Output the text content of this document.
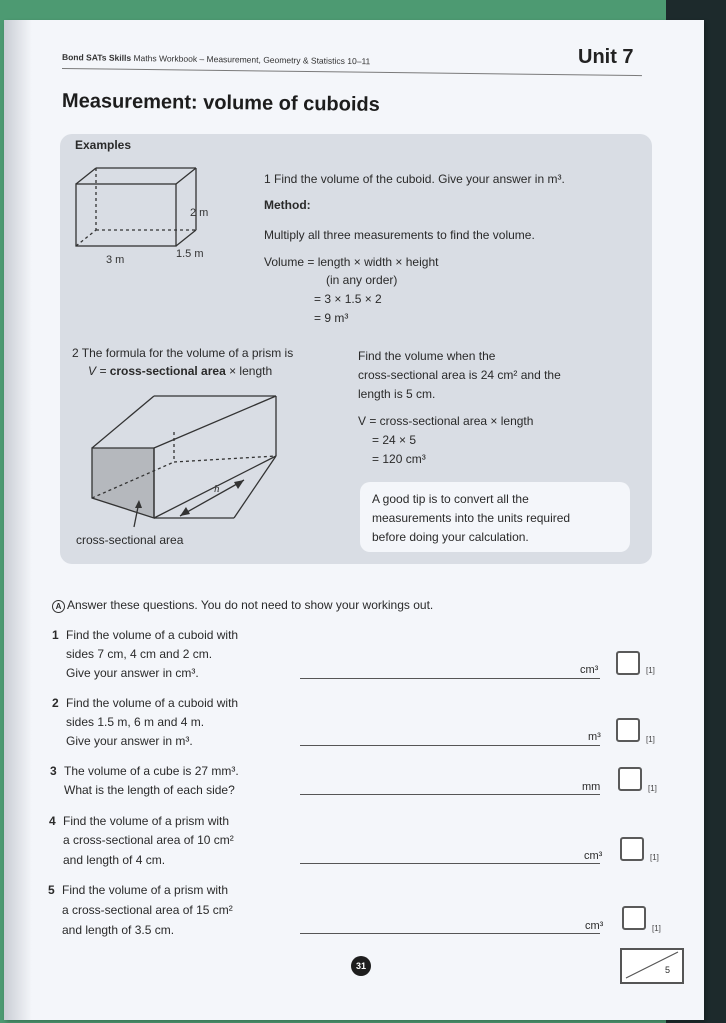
Bond SATs Skills Maths Workbook – Measurement, Geometry & Statistics 10–11	Unit 7
Measurement: volume of cuboids
Examples
3 m	1.5 m
2 m
1 Find the volume of the cuboid. Give your answer in m³.
Method:
Multiply all three measurements to find the volume.
Volume = length × width × height
(in any order)
= 3 × 1.5 × 2
= 9 m³
2 The formula for the volume of a prism is
V = cross-sectional area × length
Find the volume when the
cross-sectional area is 24 cm² and the
length is 5 cm.
V = cross-sectional area × length
= 24 × 5
= 120 cm³
h
cross-sectional area
A good tip is to convert all the
measurements into the units required
before doing your calculation.
A Answer these questions. You do not need to show your workings out.
1 Find the volume of a cuboid with
sides 7 cm, 4 cm and 2 cm.
Give your answer in cm³.	cm³	[1]
2 Find the volume of a cuboid with
sides 1.5 m, 6 m and 4 m.
Give your answer in m³.	m³	[1]
3 The volume of a cube is 27 mm³.
What is the length of each side?	mm	[1]
4 Find the volume of a prism with
a cross-sectional area of 10 cm²
and length of 4 cm.	cm³	[1]
5 Find the volume of a prism with
a cross-sectional area of 15 cm²
and length of 3.5 cm.	cm³	[1]
31	5
